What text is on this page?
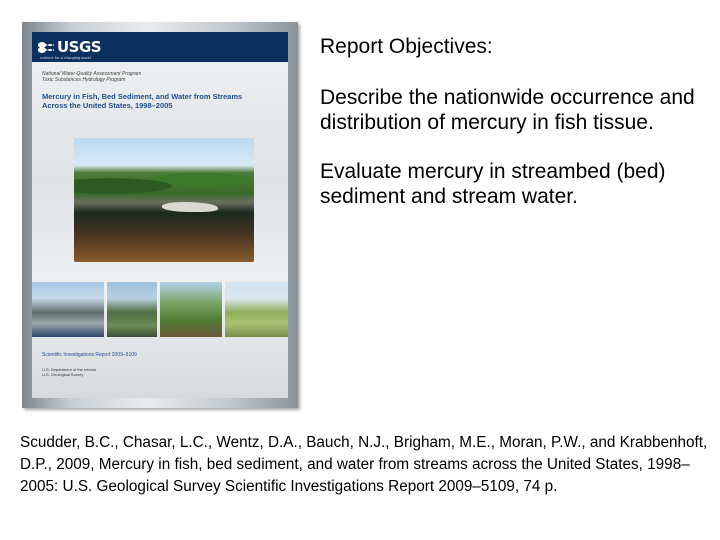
USGS
science for a changing world
National Water-Quality Assessment Program
Toxic Substances Hydrology Program
Mercury in Fish, Bed Sediment, and Water from Streams Across the United States, 1998–2005
Scientific Investigations Report 2009–5109
U.S. Department of the Interior
U.S. Geological Survey

Report Objectives:

Describe the nationwide occurrence and distribution of mercury in fish tissue.

Evaluate mercury in streambed (bed) sediment and stream water.

Scudder, B.C., Chasar, L.C., Wentz, D.A., Bauch, N.J., Brigham, M.E., Moran, P.W., and Krabbenhoft, D.P., 2009, Mercury in fish, bed sediment, and water from streams across the United States, 1998–2005: U.S. Geological Survey Scientific Investigations Report 2009–5109, 74 p.
